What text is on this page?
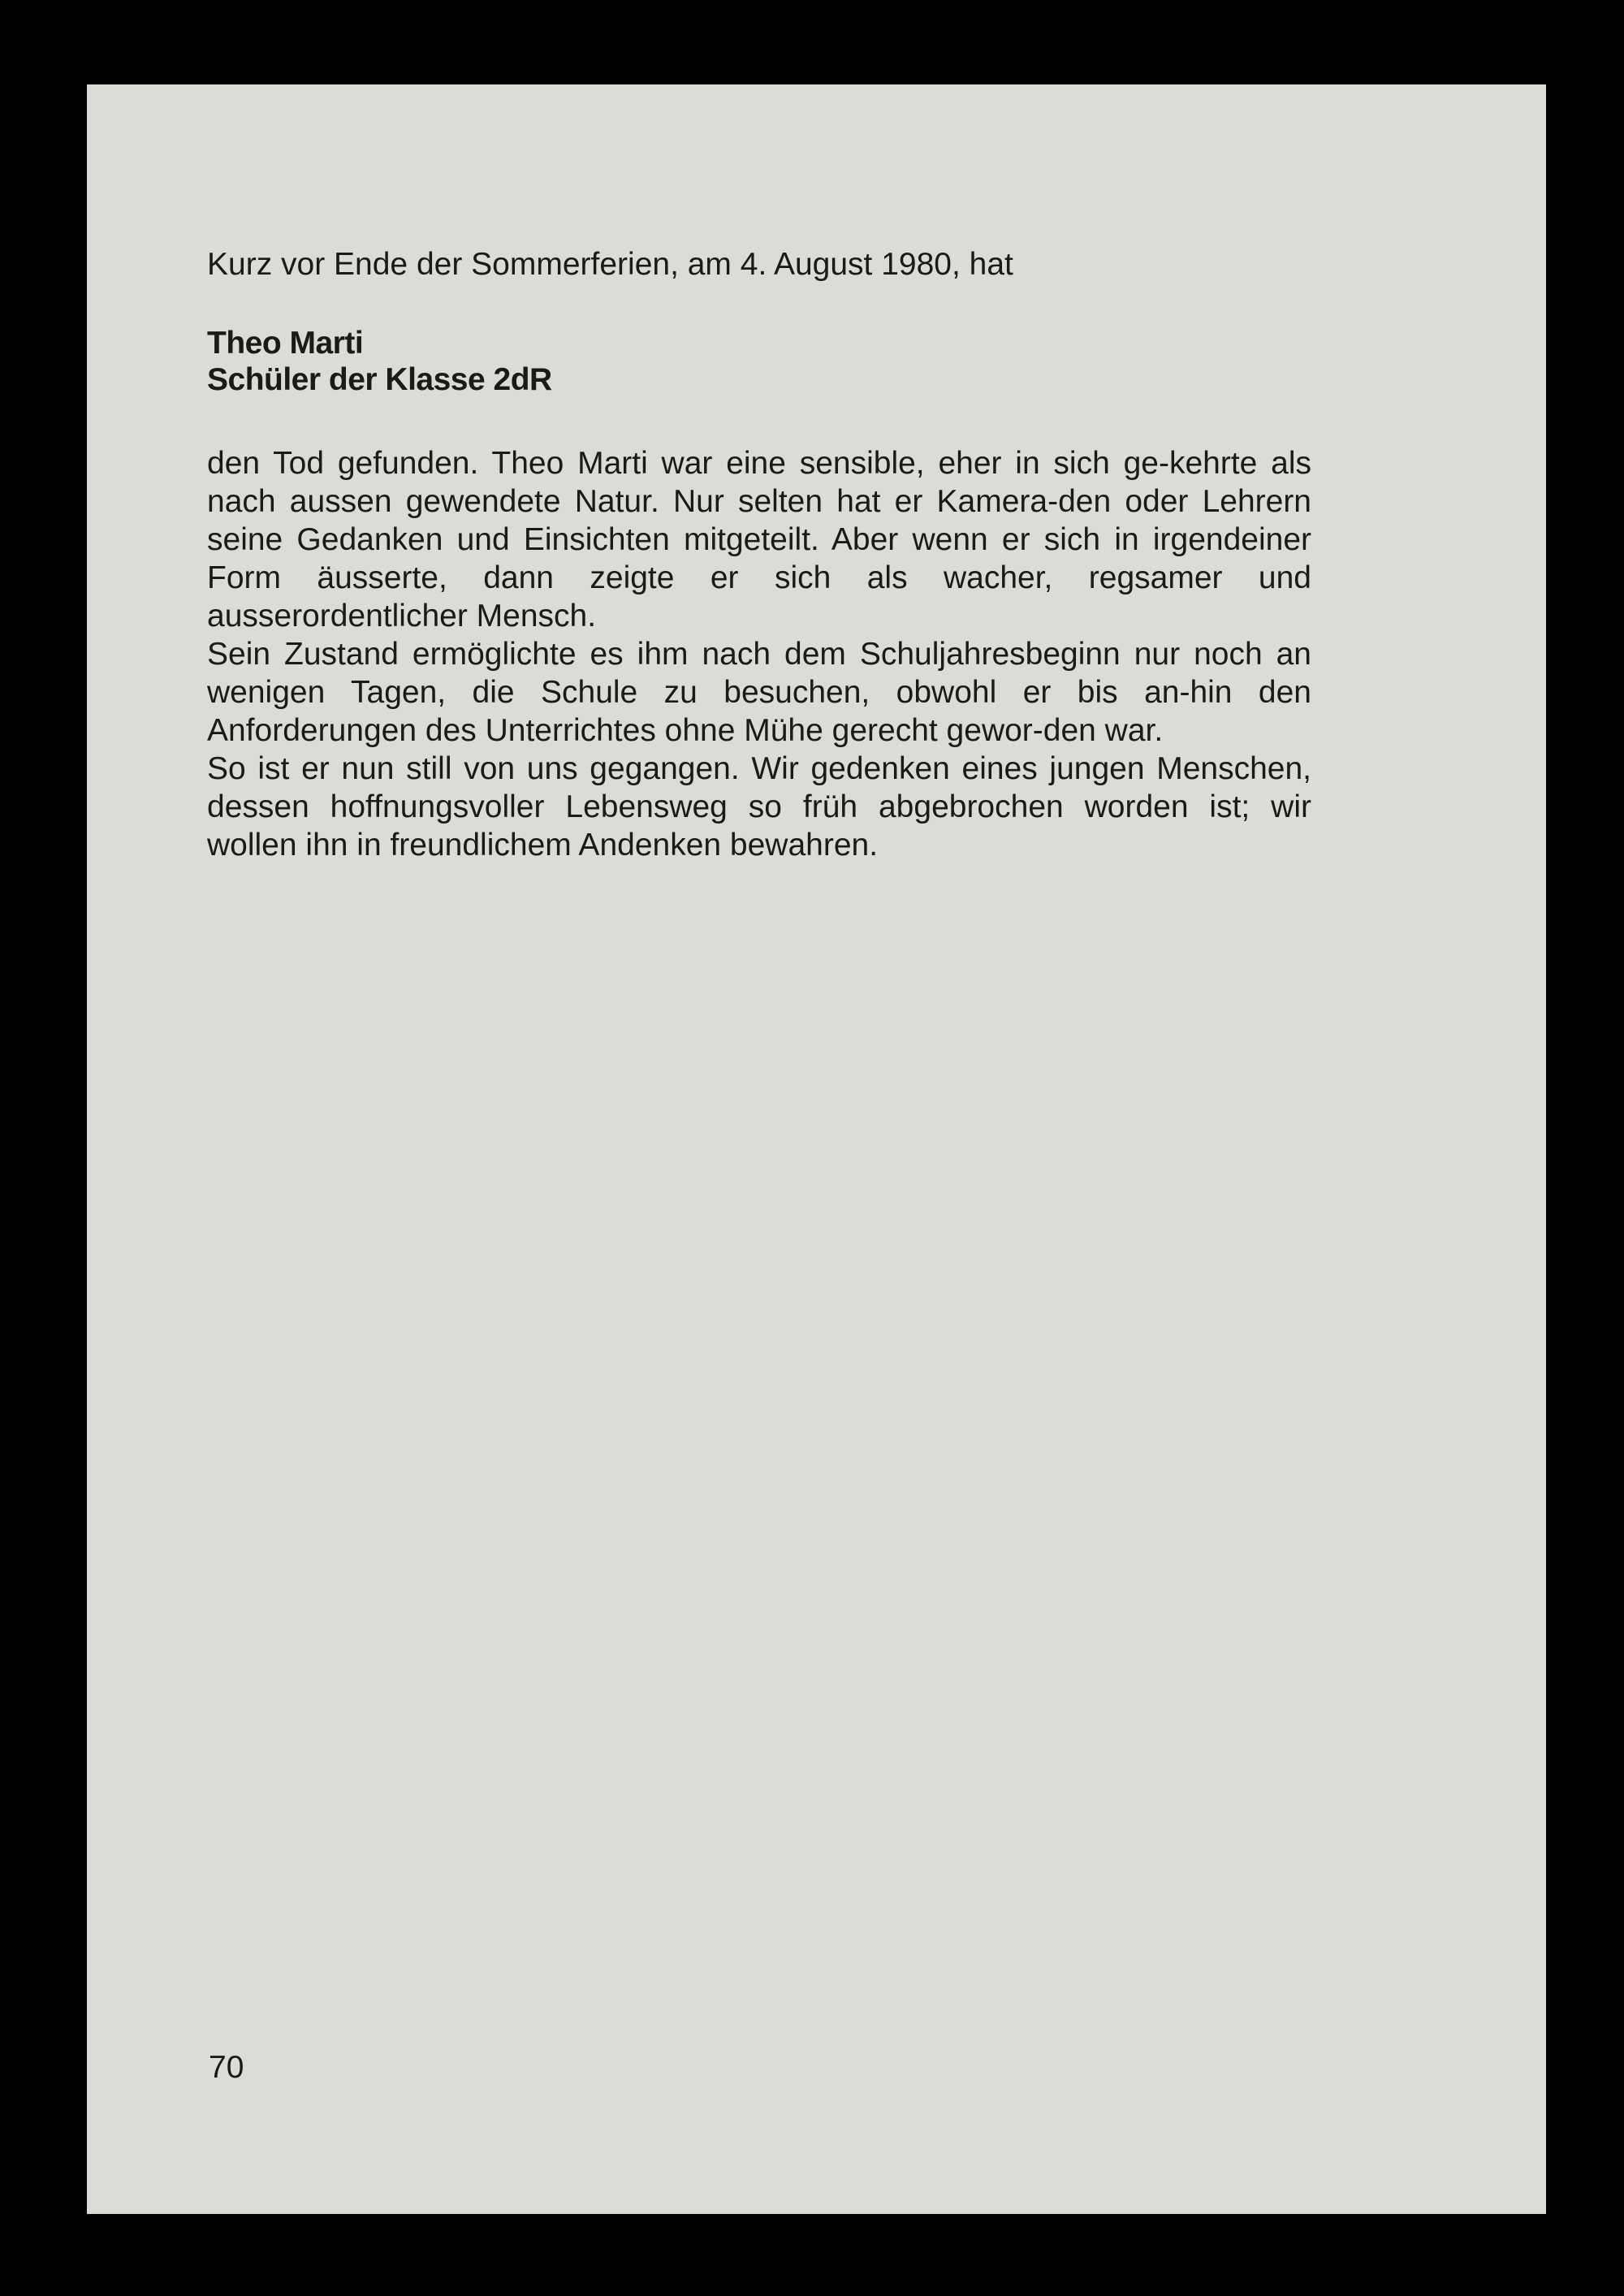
Kurz vor Ende der Sommerferien, am 4. August 1980, hat
Theo Marti
Schüler der Klasse 2dR

den Tod gefunden. Theo Marti war eine sensible, eher in sich ge-kehrte als nach aussen gewendete Natur. Nur selten hat er Kamera-den oder Lehrern seine Gedanken und Einsichten mitgeteilt. Aber wenn er sich in irgendeiner Form äusserte, dann zeigte er sich als wacher, regsamer und ausserordentlicher Mensch.

Sein Zustand ermöglichte es ihm nach dem Schuljahresbeginn nur noch an wenigen Tagen, die Schule zu besuchen, obwohl er bis an-hin den Anforderungen des Unterrichtes ohne Mühe gerecht gewor-den war.

So ist er nun still von uns gegangen. Wir gedenken eines jungen Menschen, dessen hoffnungsvoller Lebensweg so früh abgebrochen worden ist; wir wollen ihn in freundlichem Andenken bewahren.

70
